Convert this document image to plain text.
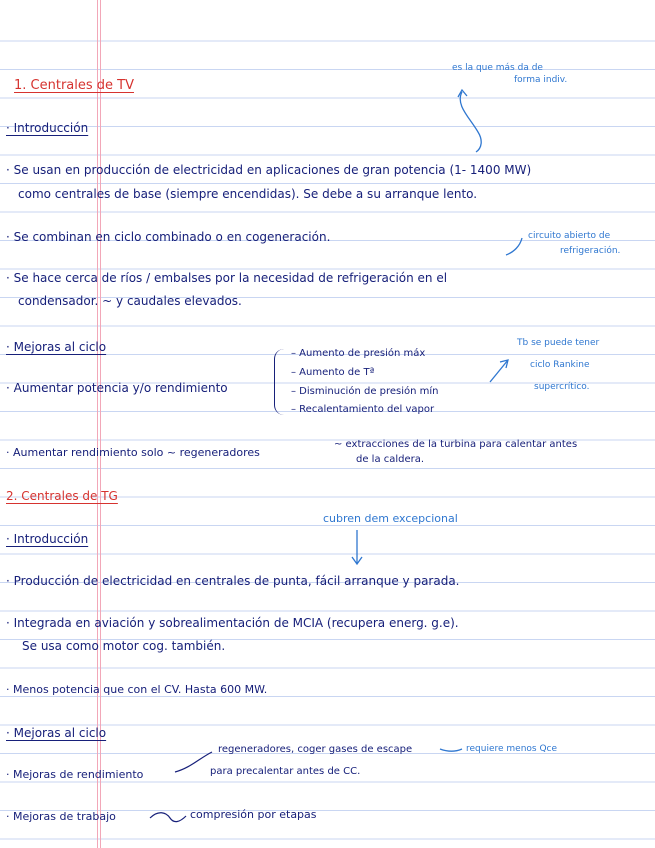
1. Centrales de TV
es la que más da de
forma indiv.
· Introducción
· Se usan en producción de electricidad en aplicaciones de gran potencia (1- 1400 MW)
como centrales de base (siempre encendidas). Se debe a su arranque lento.
· Se combinan en ciclo combinado o en cogeneración.	circuito abierto de
refrigeración.
· Se hace cerca de ríos / embalses por la necesidad de refrigeración en el
condensador. ~ y caudales elevados.
· Mejoras al ciclo
· Aumentar potencia y/o rendimiento
– Aumento de presión máx
– Aumento de Tª
– Disminución de presión mín
– Recalentamiento del vapor
Tb se puede tener
ciclo Rankine
supercrítico.
· Aumentar rendimiento solo ~ regeneradores
~ extracciones de la turbina para calentar antes
de la caldera.
2. Centrales de TG
cubren dem excepcional
· Introducción
· Producción de electricidad en centrales de punta, fácil arranque y parada.
· Integrada en aviación y sobrealimentación de MCIA (recupera energ. g.e).
Se usa como motor cog. también.
· Menos potencia que con el CV. Hasta 600 MW.
· Mejoras al ciclo
· Mejoras de rendimiento
regeneradores, coger gases de escape
para precalentar antes de CC.
requiere menos Qce
· Mejoras de trabajo	compresión por etapas
